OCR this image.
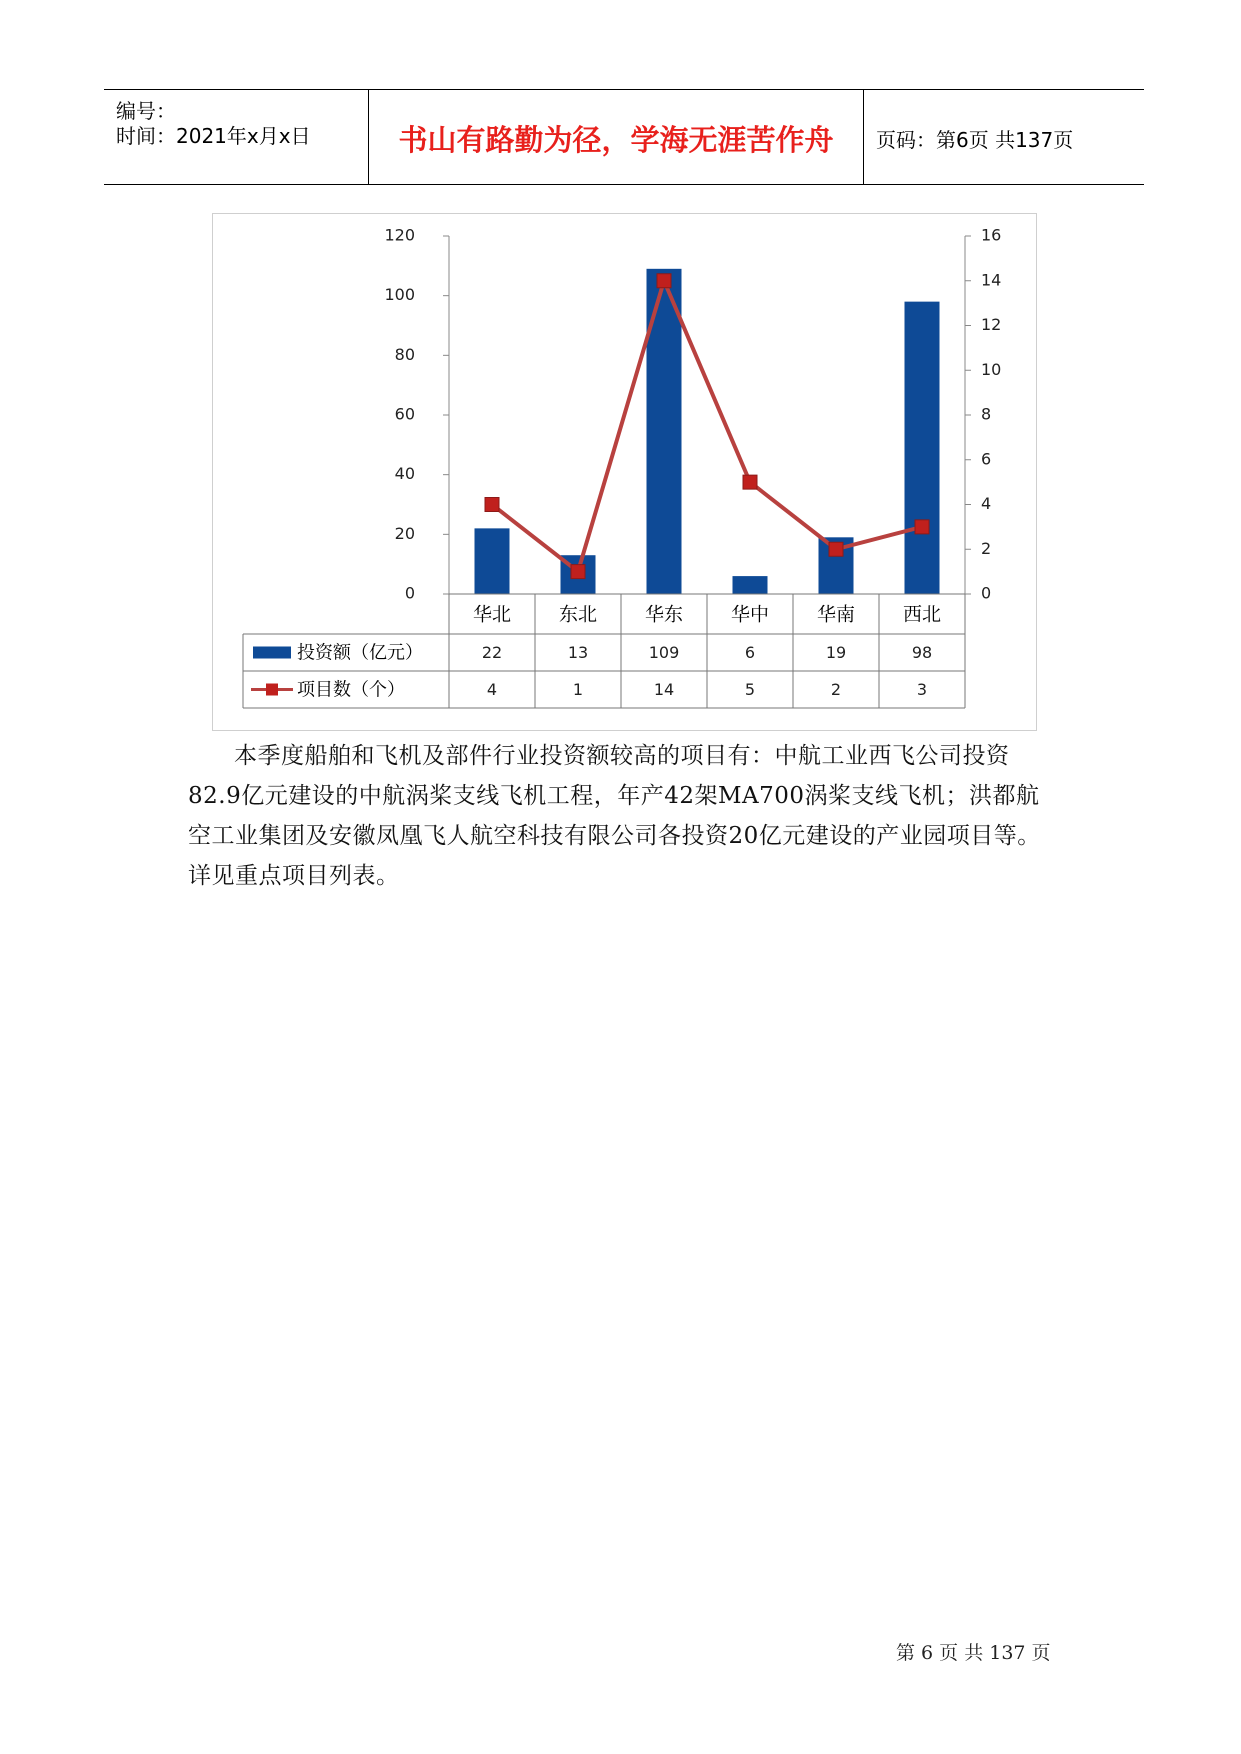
编号：
时间：2021年x月x日	书山有路勤为径，学海无涯苦作舟	页码：第6页 共137页
0
20
40
60
80
100
120
0
2
4
6
8
10
12
14
16
华北
22
4
东北
13
1
华东
109
14
华中
6
5
华南
19
2
西北
98
3
投资额（亿元）
项目数（个）
本季度船舶和飞机及部件行业投资额较高的项目有：中航工业西飞公司投资82.9亿元建设的中航涡桨支线飞机工程，年产42架MA700涡桨支线飞机；洪都航空工业集团及安徽凤凰飞人航空科技有限公司各投资20亿元建设的产业园项目等。详见重点项目列表。
第 6 页 共 137 页
